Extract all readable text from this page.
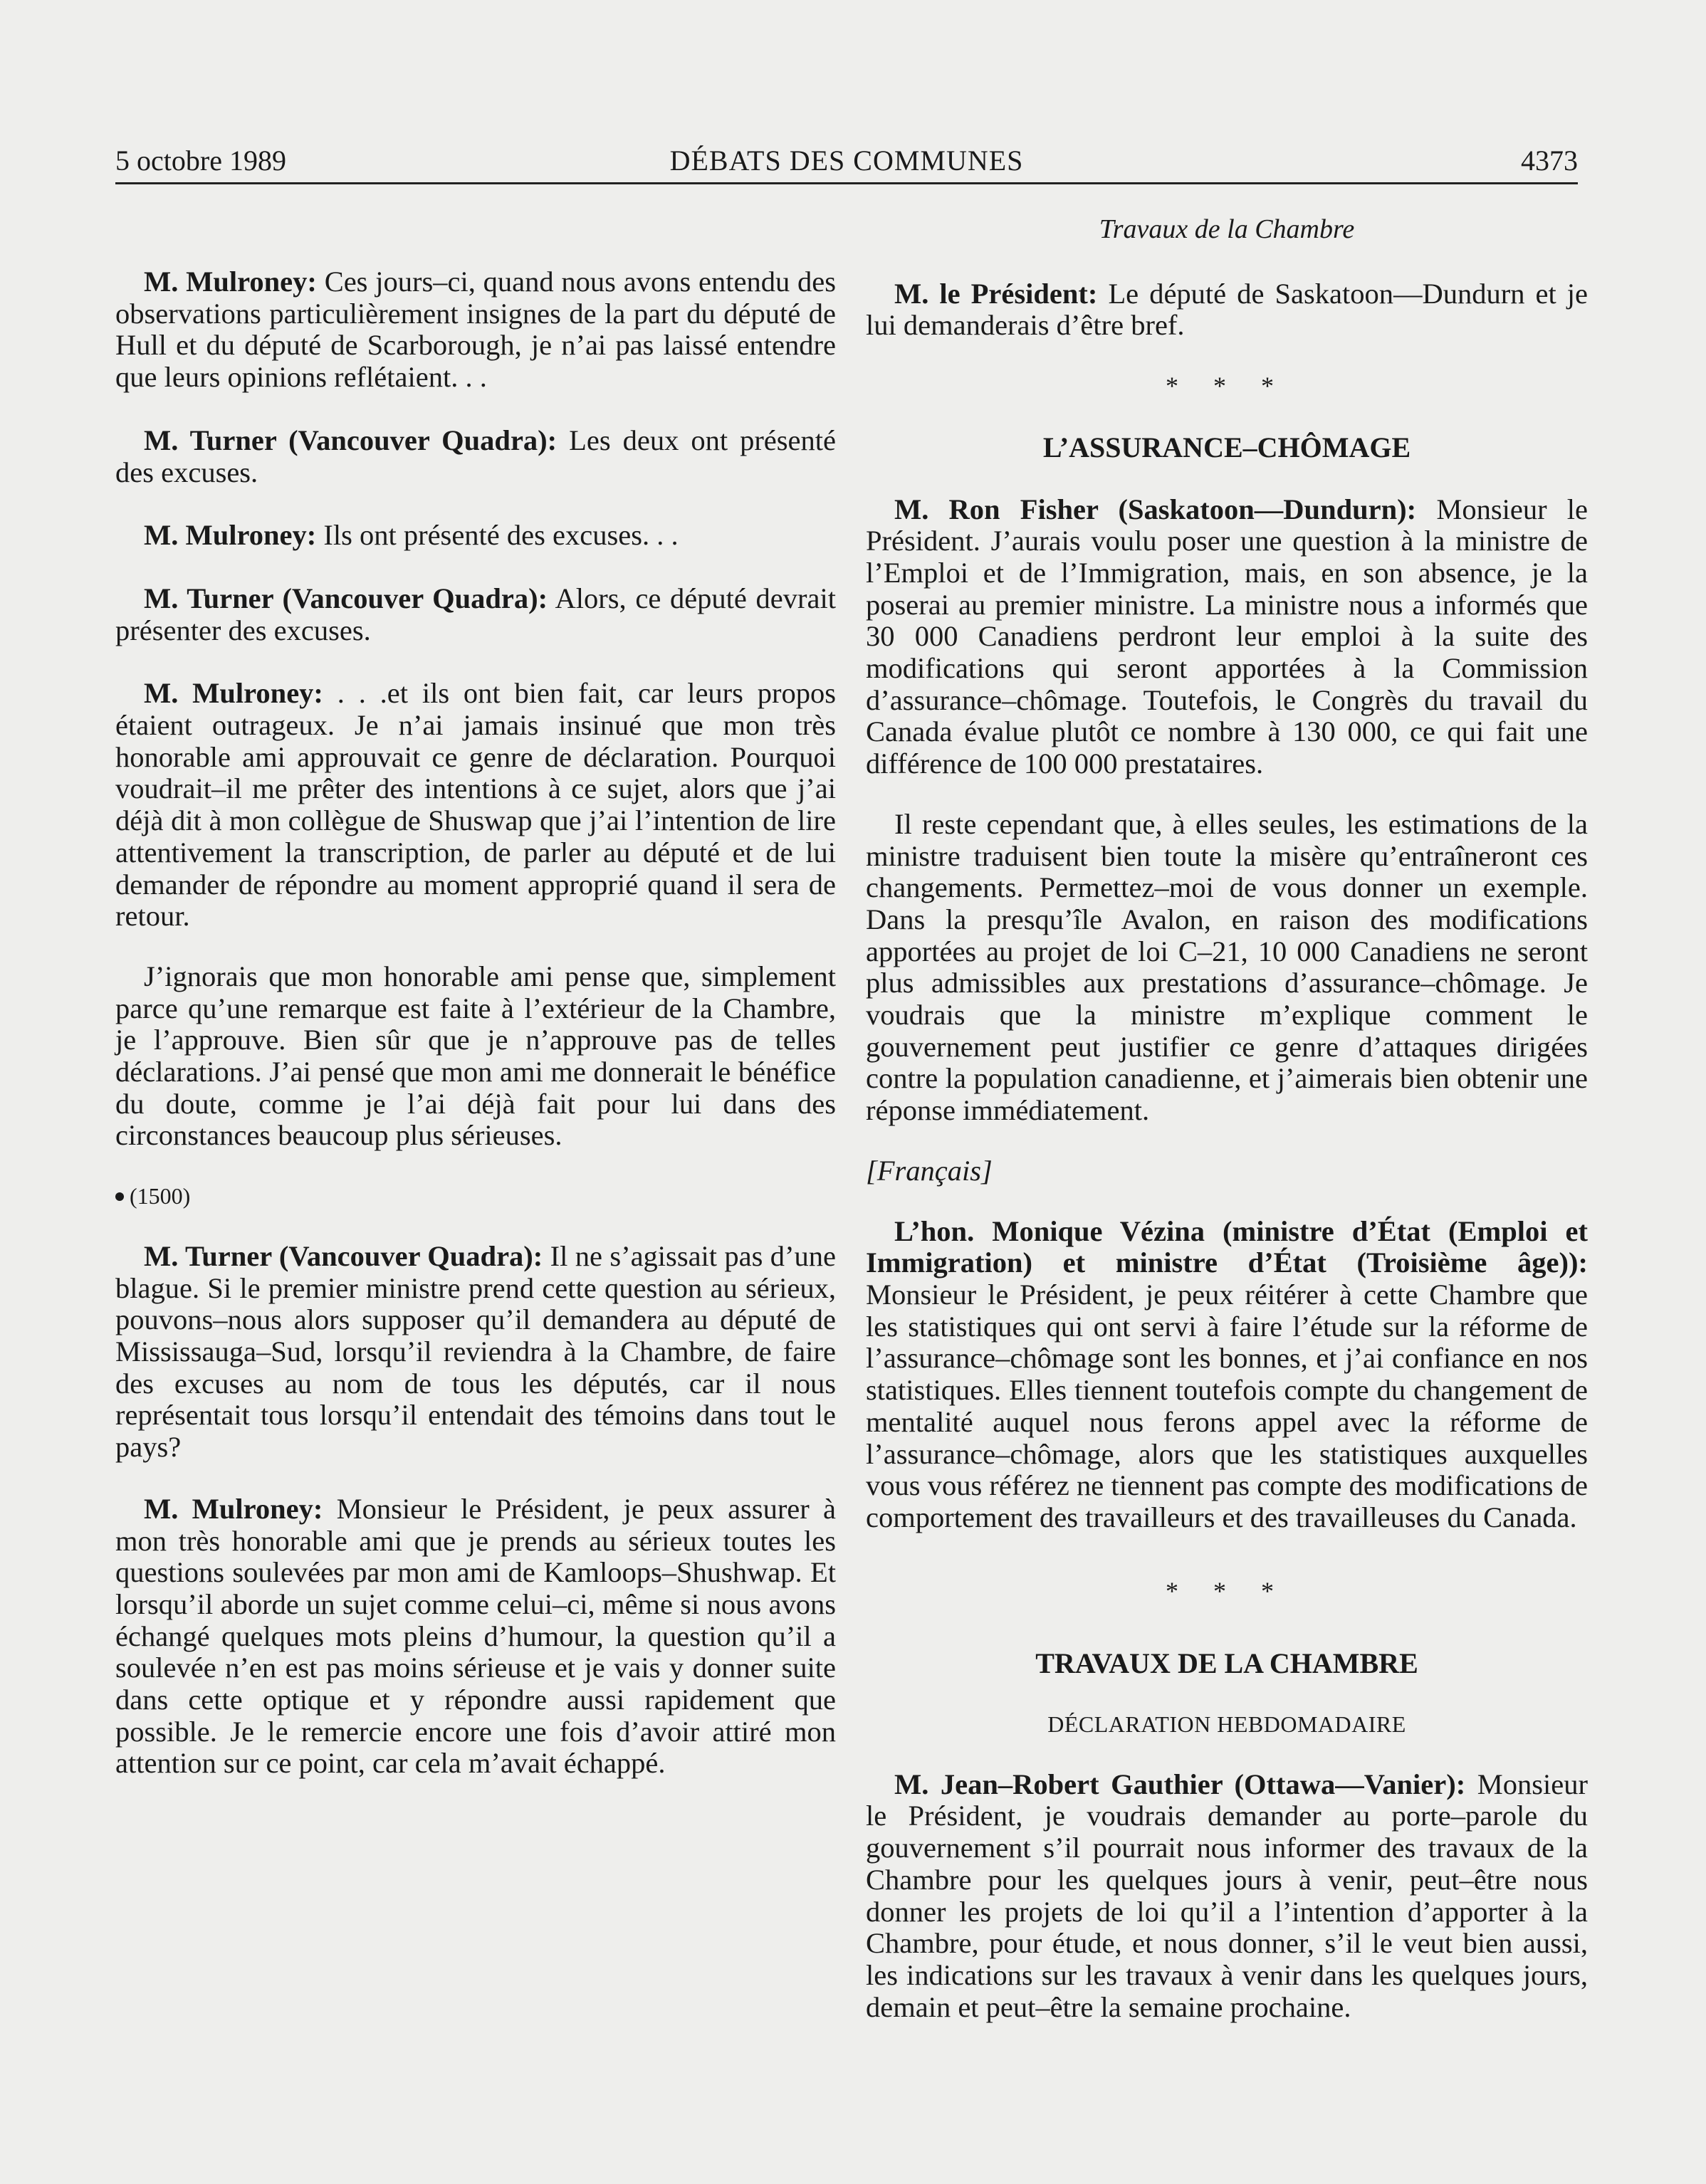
5 octobre 1989	DÉBATS DES COMMUNES	4373

M. Mulroney: Ces jours–ci, quand nous avons entendu des observations particulièrement insignes de la part du député de Hull et du député de Scarborough, je n’ai pas laissé entendre que leurs opinions reflétaient. . .

M. Turner (Vancouver Quadra): Les deux ont présenté des excuses.

M. Mulroney: Ils ont présenté des excuses. . .

M. Turner (Vancouver Quadra): Alors, ce député devrait présenter des excuses.

M. Mulroney: . . .et ils ont bien fait, car leurs propos étaient outrageux. Je n’ai jamais insinué que mon très honorable ami approuvait ce genre de déclaration. Pourquoi voudrait–il me prêter des intentions à ce sujet, alors que j’ai déjà dit à mon collègue de Shuswap que j’ai l’intention de lire attentivement la transcription, de parler au député et de lui demander de répondre au moment approprié quand il sera de retour.

J’ignorais que mon honorable ami pense que, simplement parce qu’une remarque est faite à l’extérieur de la Chambre, je l’approuve. Bien sûr que je n’approuve pas de telles déclarations. J’ai pensé que mon ami me donnerait le bénéfice du doute, comme je l’ai déjà fait pour lui dans des circonstances beaucoup plus sérieuses.

(1500)

M. Turner (Vancouver Quadra): Il ne s’agissait pas d’une blague. Si le premier ministre prend cette question au sérieux, pouvons–nous alors supposer qu’il demandera au député de Mississauga–Sud, lorsqu’il reviendra à la Chambre, de faire des excuses au nom de tous les députés, car il nous représentait tous lorsqu’il entendait des témoins dans tout le pays?

M. Mulroney: Monsieur le Président, je peux assurer à mon très honorable ami que je prends au sérieux toutes les questions soulevées par mon ami de Kamloops–Shushwap. Et lorsqu’il aborde un sujet comme celui–ci, même si nous avons échangé quelques mots pleins d’humour, la question qu’il a soulevée n’en est pas moins sérieuse et je vais y donner suite dans cette optique et y répondre aussi rapidement que possible. Je le remercie encore une fois d’avoir attiré mon attention sur ce point, car cela m’avait échappé.

Travaux de la Chambre

M. le Président: Le député de Saskatoon—Dundurn et je lui demanderais d’être bref.

* * *

L’ASSURANCE–CHÔMAGE

M. Ron Fisher (Saskatoon—Dundurn): Monsieur le Président. J’aurais voulu poser une question à la ministre de l’Emploi et de l’Immigration, mais, en son absence, je la poserai au premier ministre. La ministre nous a informés que 30 000 Canadiens perdront leur emploi à la suite des modifications qui seront apportées à la Commission d’assurance–chômage. Toutefois, le Congrès du travail du Canada évalue plutôt ce nombre à 130 000, ce qui fait une différence de 100 000 prestataires.

Il reste cependant que, à elles seules, les estimations de la ministre traduisent bien toute la misère qu’entraîneront ces changements. Permettez–moi de vous donner un exemple. Dans la presqu’île Avalon, en raison des modifications apportées au projet de loi C–21, 10 000 Canadiens ne seront plus admissibles aux prestations d’assurance–chômage. Je voudrais que la ministre m’explique comment le gouvernement peut justifier ce genre d’attaques dirigées contre la population canadienne, et j’aimerais bien obtenir une réponse immédiatement.

[Français]

L’hon. Monique Vézina (ministre d’État (Emploi et Immigration) et ministre d’État (Troisième âge)): Monsieur le Président, je peux réitérer à cette Chambre que les statistiques qui ont servi à faire l’étude sur la réforme de l’assurance–chômage sont les bonnes, et j’ai confiance en nos statistiques. Elles tiennent toutefois compte du changement de mentalité auquel nous ferons appel avec la réforme de l’assurance–chômage, alors que les statistiques auxquelles vous vous référez ne tiennent pas compte des modifications de comportement des travailleurs et des travailleuses du Canada.

* * *

TRAVAUX DE LA CHAMBRE

DÉCLARATION HEBDOMADAIRE

M. Jean–Robert Gauthier (Ottawa—Vanier): Monsieur le Président, je voudrais demander au porte–parole du gouvernement s’il pourrait nous informer des travaux de la Chambre pour les quelques jours à venir, peut–être nous donner les projets de loi qu’il a l’intention d’apporter à la Chambre, pour étude, et nous donner, s’il le veut bien aussi, les indications sur les travaux à venir dans les quelques jours, demain et peut–être la semaine prochaine.
